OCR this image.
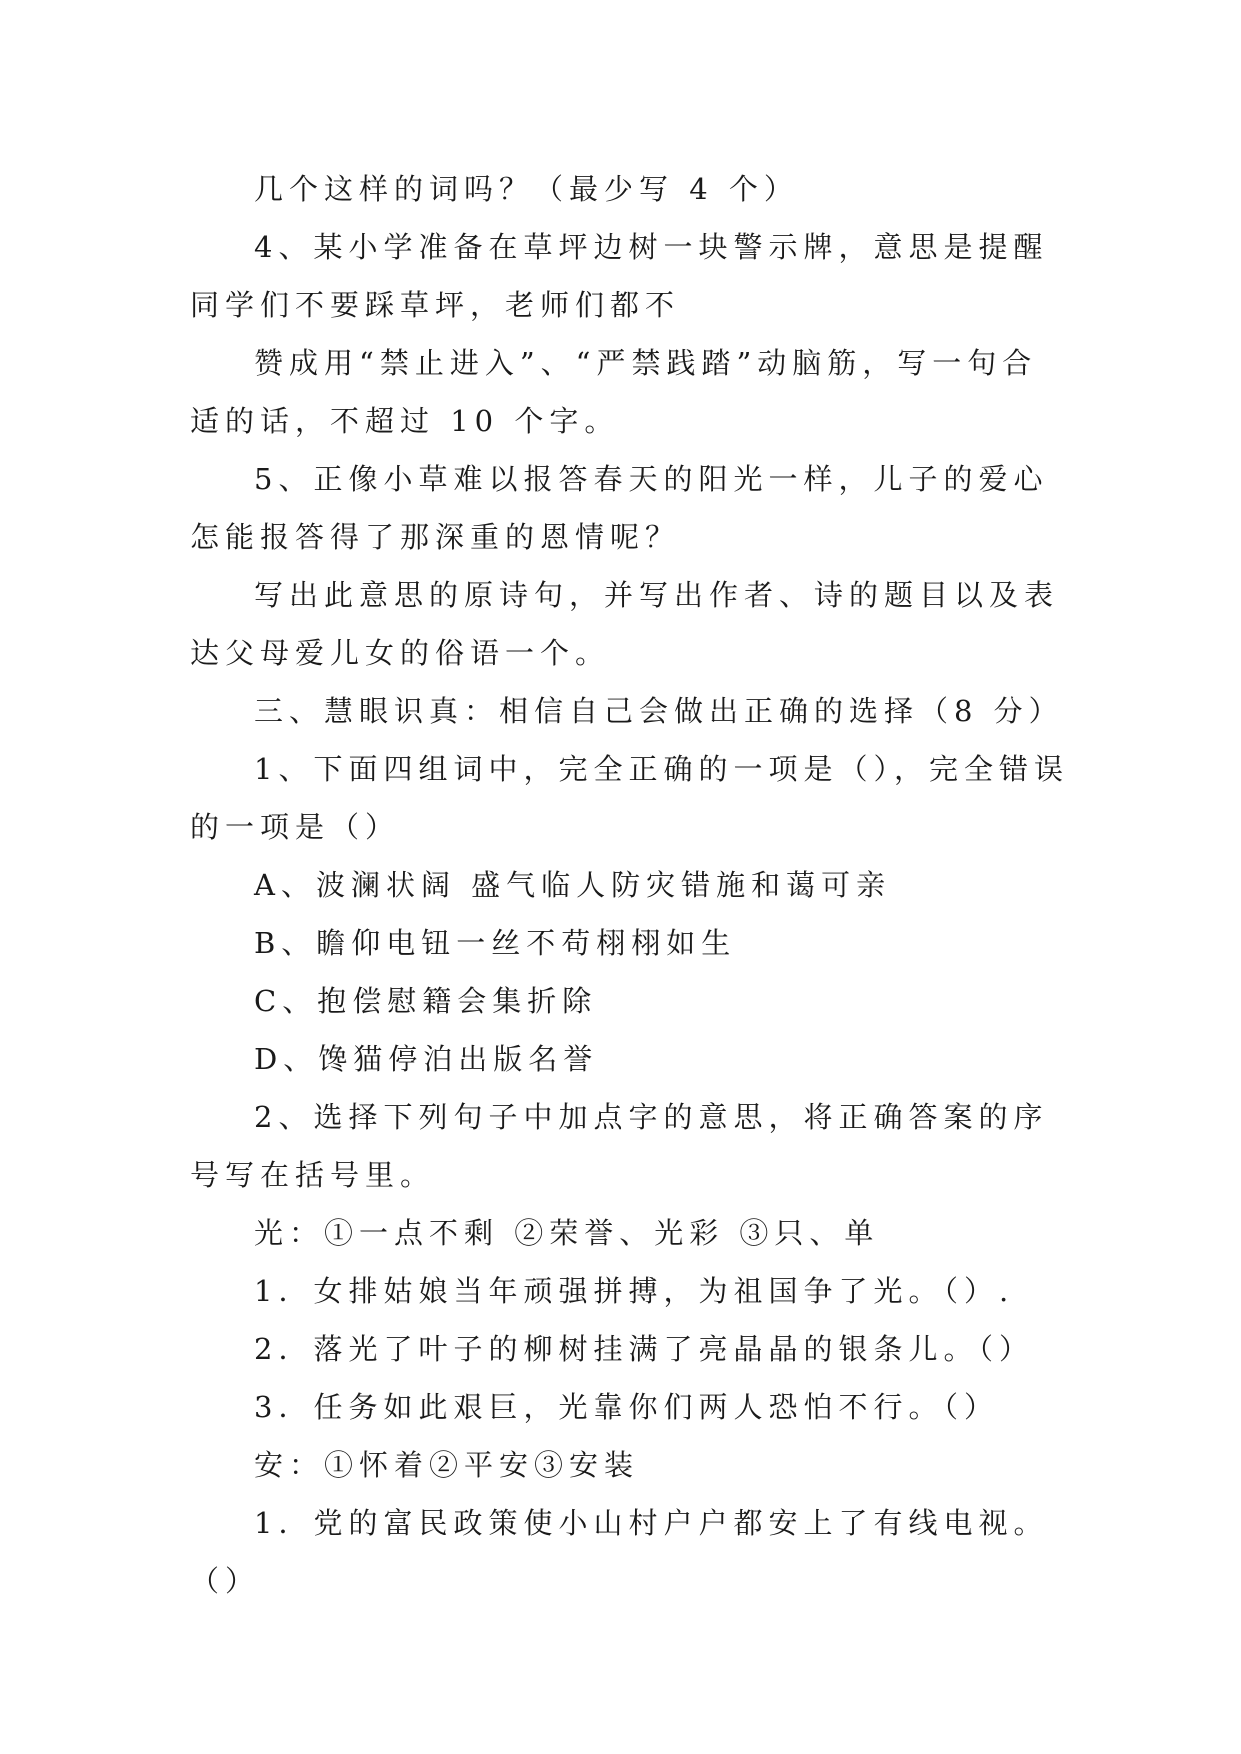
几个这样的词吗？（最少写 4 个）

4、某小学准备在草坪边树一块警示牌，意思是提醒同学们不要踩草坪，老师们都不

赞成用“禁止进入”、“严禁践踏”动脑筋，写一句合适的话，不超过 10 个字。

5、正像小草难以报答春天的阳光一样，儿子的爱心怎能报答得了那深重的恩情呢？

写出此意思的原诗句，并写出作者、诗的题目以及表达父母爱儿女的俗语一个。

三、慧眼识真：相信自己会做出正确的选择（8 分）

1、下面四组词中，完全正确的一项是（），完全错误的一项是（）

A、波澜状阔 盛气临人防灾错施和蔼可亲

B、瞻仰电钮一丝不苟栩栩如生

C、抱偿慰籍会集折除

D、馋猫停泊出版名誉

2、选择下列句子中加点字的意思，将正确答案的序号写在括号里。

光：①一点不剩 ②荣誉、光彩 ③只、单

1．女排姑娘当年顽强拼搏，为祖国争了光。（）.

2．落光了叶子的柳树挂满了亮晶晶的银条儿。（）

3．任务如此艰巨，光靠你们两人恐怕不行。（）

安：①怀着②平安③安装

1．党的富民政策使小山村户户都安上了有线电视。（）
